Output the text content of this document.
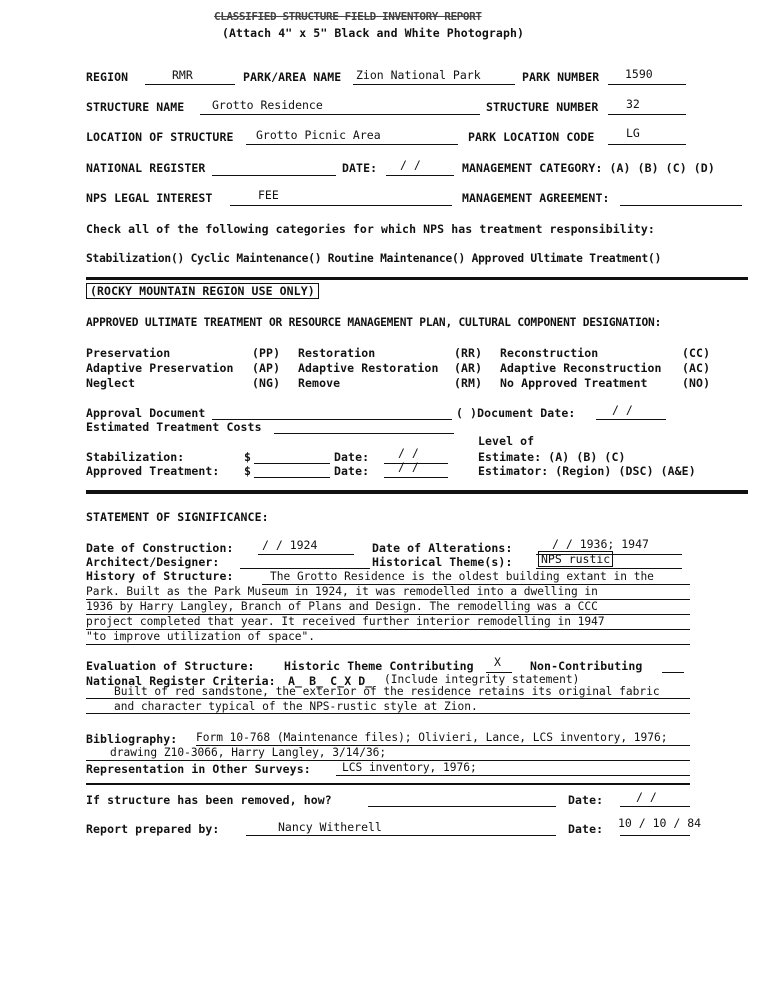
CLASSIFIED STRUCTURE FIELD INVENTORY REPORT
(Attach 4" x 5" Black and White Photograph)
REGION	RMR	PARK/AREA NAME Zion National Park	PARK NUMBER 1590
STRUCTURE NAME Grotto Residence	STRUCTURE NUMBER 32
LOCATION OF STRUCTURE Grotto Picnic Area	PARK LOCATION CODE	LG
NATIONAL REGISTER	DATE: / /	MANAGEMENT CATEGORY: (A) (B) (C) (D)
NPS LEGAL INTEREST	FEE	MANAGEMENT AGREEMENT:
Check all of the following categories for which NPS has treatment responsibility:
Stabilization() Cyclic Maintenance() Routine Maintenance() Approved Ultimate Treatment()
(ROCKY MOUNTAIN REGION USE ONLY)
APPROVED ULTIMATE TREATMENT OR RESOURCE MANAGEMENT PLAN, CULTURAL COMPONENT DESIGNATION:
Preservation	(PP) Restoration	(RR) Reconstruction	(CC)
Adaptive Preservation (AP) Adaptive Restoration (AR) Adaptive Reconstruction (AC)
Neglect	(NG) Remove	(RM) No Approved Treatment	(NO)
Approval Document	( )Document Date:	/ /
Estimated Treatment Costs
Level of
Stabilization:	$	Date:	/ /	Estimate: (A) (B) (C)
Approved Treatment: $	Date:	/ /	Estimator: (Region) (DSC) (A&E)
STATEMENT OF SIGNIFICANCE:
Date of Construction: / / 1924	Date of Alterations:	/ / 1936; 1947
Architect/Designer:	Historical Theme(s): NPS rustic
History of Structure:	The Grotto Residence is the oldest building extant in the
Park. Built as the Park Museum in 1924, it was remodelled into a dwelling in
1936 by Harry Langley, Branch of Plans and Design. The remodelling was a CCC
project completed that year. It received further interior remodelling in 1947
"to improve utilization of space".
Evaluation of Structure:	Historic Theme Contributing X	Non-Contributing
National Register Criteria: A_ B_ C_X D_ (Include integrity statement)
Built of red sandstone, the exterior of the residence retains its original fabric
and character typical of the NPS-rustic style at Zion.
Bibliography: Form 10-768 (Maintenance files); Olivieri, Lance, LCS inventory, 1976;
drawing Z10-3066, Harry Langley, 3/14/36;
Representation in Other Surveys:	LCS inventory, 1976;
If structure has been removed, how?	Date:	/ /
Report prepared by:	Nancy Witherell	Date: 10 / 10 / 84
